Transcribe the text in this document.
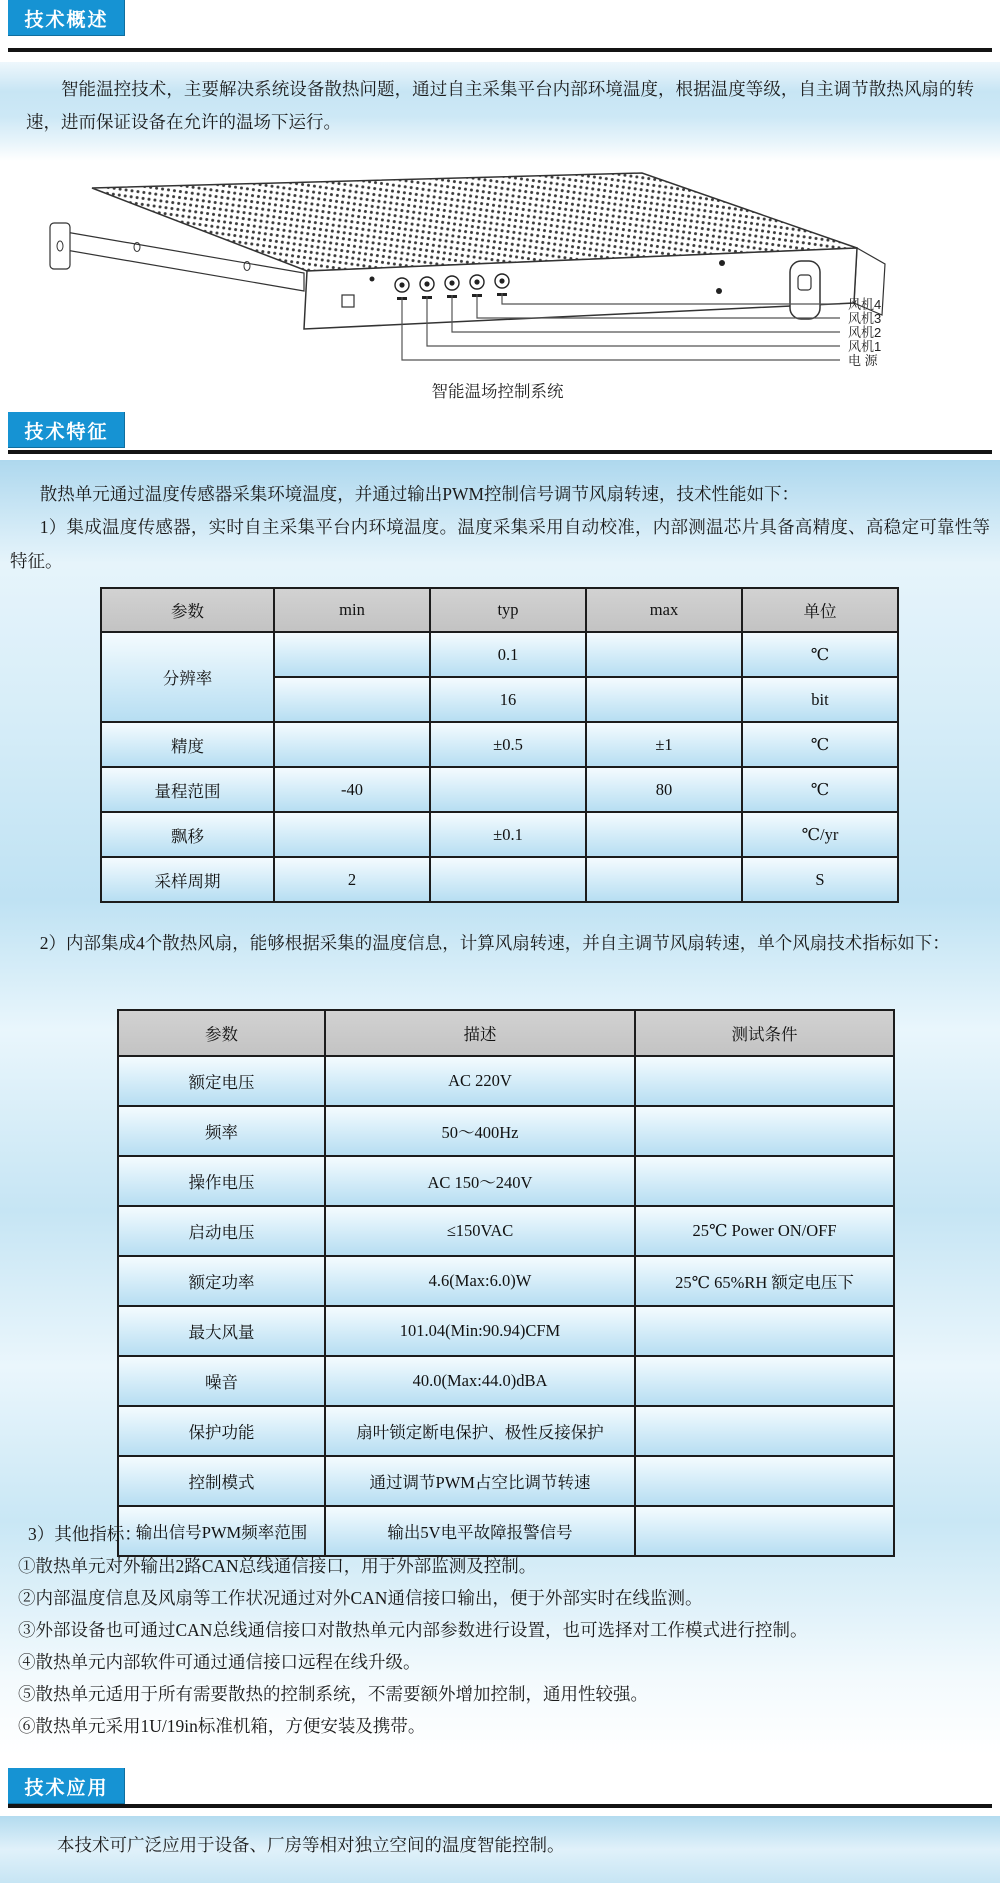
技术概述

智能温控技术，主要解决系统设备散热问题，通过自主采集平台内部环境温度，根据温度等级，自主调节散热风扇的转速，进而保证设备在允许的温场下运行。

风机4
风机3
风机2
风机1
电 源
智能温场控制系统
技术特征

散热单元通过温度传感器采集环境温度，并通过输出PWM控制信号调节风扇转速，技术性能如下：

1）集成温度传感器，实时自主采集平台内环境温度。温度采集采用自动校准，内部测温芯片具备高精度、高稳定可靠性等特征。

参数	min	typ	max	单位
分辨率		0.1		℃
		16		bit
精度		±0.5	±1	℃
量程范围	-40		80	℃
飘移		±0.1		℃/yr
采样周期	2			S

2）内部集成4个散热风扇，能够根据采集的温度信息，计算风扇转速，并自主调节风扇转速，单个风扇技术指标如下：

参数	描述	测试条件
额定电压	AC 220V	
频率	50～400Hz	
操作电压	AC 150～240V	
启动电压	≤150VAC	25℃ Power ON/OFF
额定功率	4.6(Max:6.0)W	25℃ 65%RH 额定电压下
最大风量	101.04(Min:90.94)CFM	
噪音	40.0(Max:44.0)dBA	
保护功能	扇叶锁定断电保护、极性反接保护	
控制模式	通过调节PWM占空比调节转速	
输出信号PWM频率范围	输出5V电平故障报警信号	
3）其他指标：
①散热单元对外输出2路CAN总线通信接口，用于外部监测及控制。
②内部温度信息及风扇等工作状况通过对外CAN通信接口输出，便于外部实时在线监测。
③外部设备也可通过CAN总线通信接口对散热单元内部参数进行设置，也可选择对工作模式进行控制。
④散热单元内部软件可通过通信接口远程在线升级。
⑤散热单元适用于所有需要散热的控制系统，不需要额外增加控制，通用性较强。
⑥散热单元采用1U/19in标准机箱，方便安装及携带。
技术应用

本技术可广泛应用于设备、厂房等相对独立空间的温度智能控制。
